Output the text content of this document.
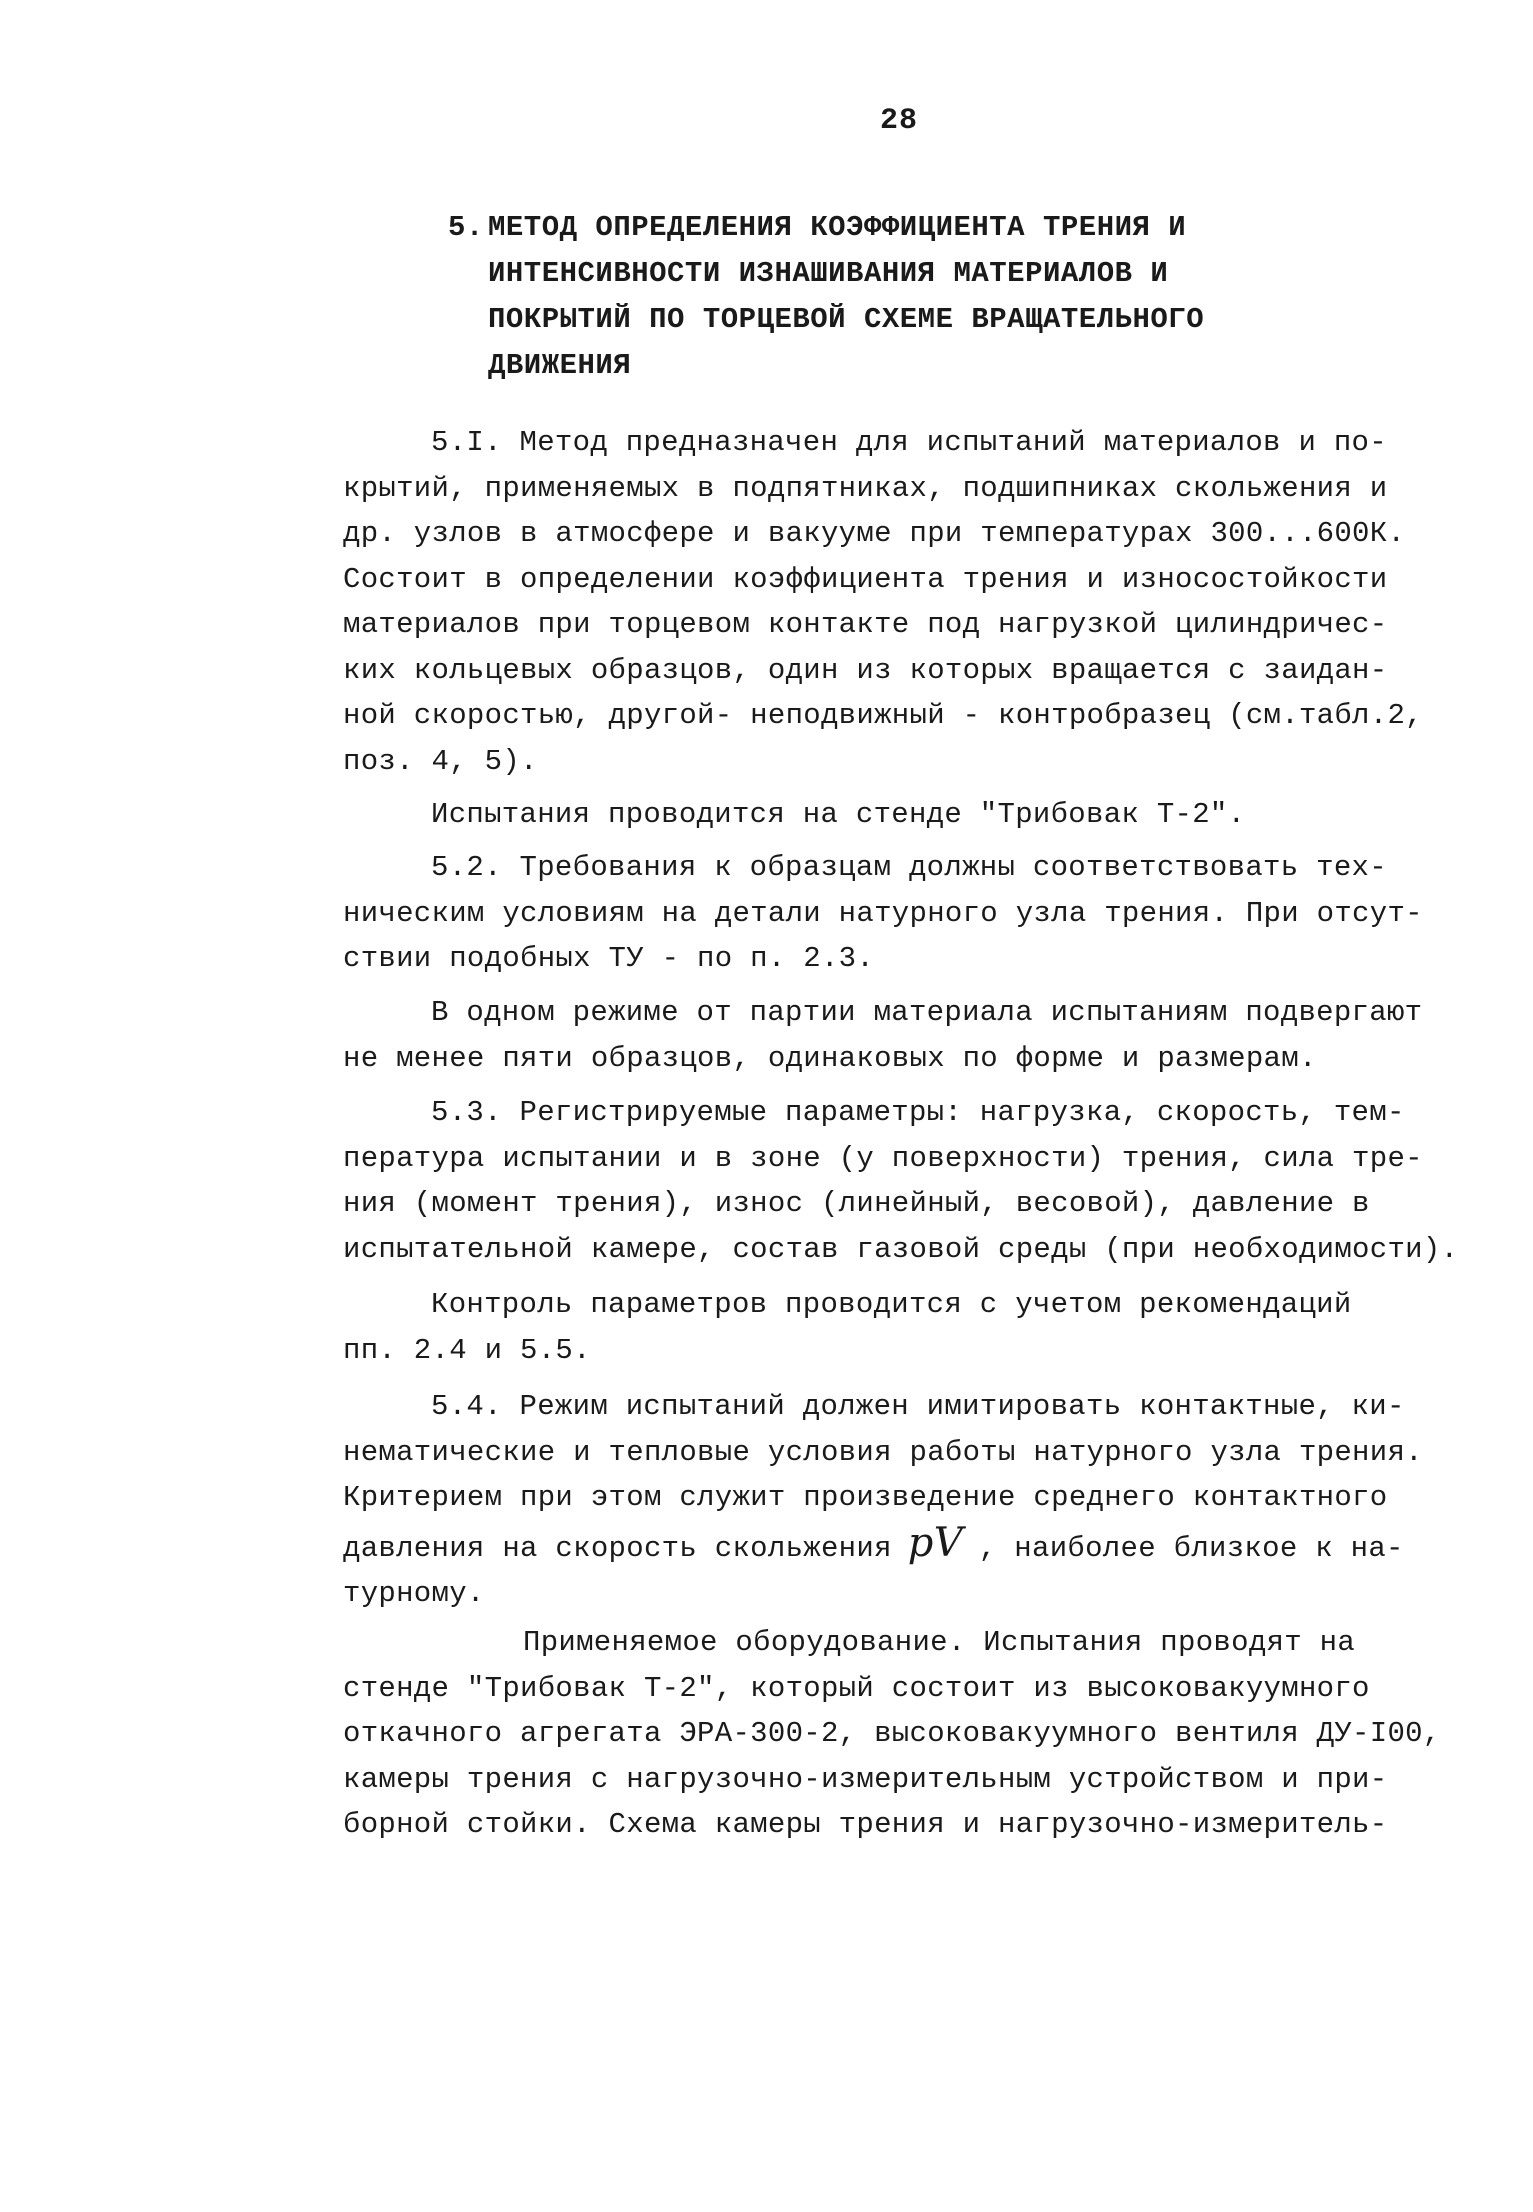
28
5. МЕТОД ОПРЕДЕЛЕНИЯ КОЭФФИЦИЕНТА ТРЕНИЯ И
ИНТЕНСИВНОСТИ ИЗНАШИВАНИЯ МАТЕРИАЛОВ И
ПОКРЫТИЙ ПО ТОРЦЕВОЙ СХЕМЕ ВРАЩАТЕЛЬНОГО
ДВИЖЕНИЯ

5.I. Метод предназначен для испытаний материалов и по-
крытий, применяемых в подпятниках, подшипниках скольжения и
др. узлов в атмосфере и вакууме при температурах 300...600К.
Состоит в определении коэффициента трения и износостойкости
материалов при торцевом контакте под нагрузкой цилиндричес-
ких кольцевых образцов, один из которых вращается с заидан-
ной скоростью, другой- неподвижный - контробразец (см.табл.2,
поз. 4, 5).

Испытания проводится на стенде "Трибовак Т-2".

5.2. Требования к образцам должны соответствовать тех-
ническим условиям на детали натурного узла трения. При отсут-
ствии подобных ТУ - по п. 2.3.

В одном режиме от партии материала испытаниям подвергают
не менее пяти образцов, одинаковых по форме и размерам.

5.3. Регистрируемые параметры: нагрузка, скорость, тем-
пература испытании и в зоне (у поверхности) трения, сила тре-
ния (момент трения), износ (линейный, весовой), давление в
испытательной камере, состав газовой среды (при необходимости).

Контроль параметров проводится с учетом рекомендаций
пп. 2.4 и 5.5.

5.4. Режим испытаний должен имитировать контактные, ки-
нематические и тепловые условия работы натурного узла трения.
Критерием при этом служит произведение среднего контактного
давления на скорость скольжения pV , наиболее близкое к на-
турному.

Применяемое оборудование. Испытания проводят на
стенде "Трибовак Т-2", который состоит из высоковакуумного
откачного агрегата ЭРА-300-2, высоковакуумного вентиля ДУ-I00,
камеры трения с нагрузочно-измерительным устройством и при-
борной стойки. Схема камеры трения и нагрузочно-измеритель-
